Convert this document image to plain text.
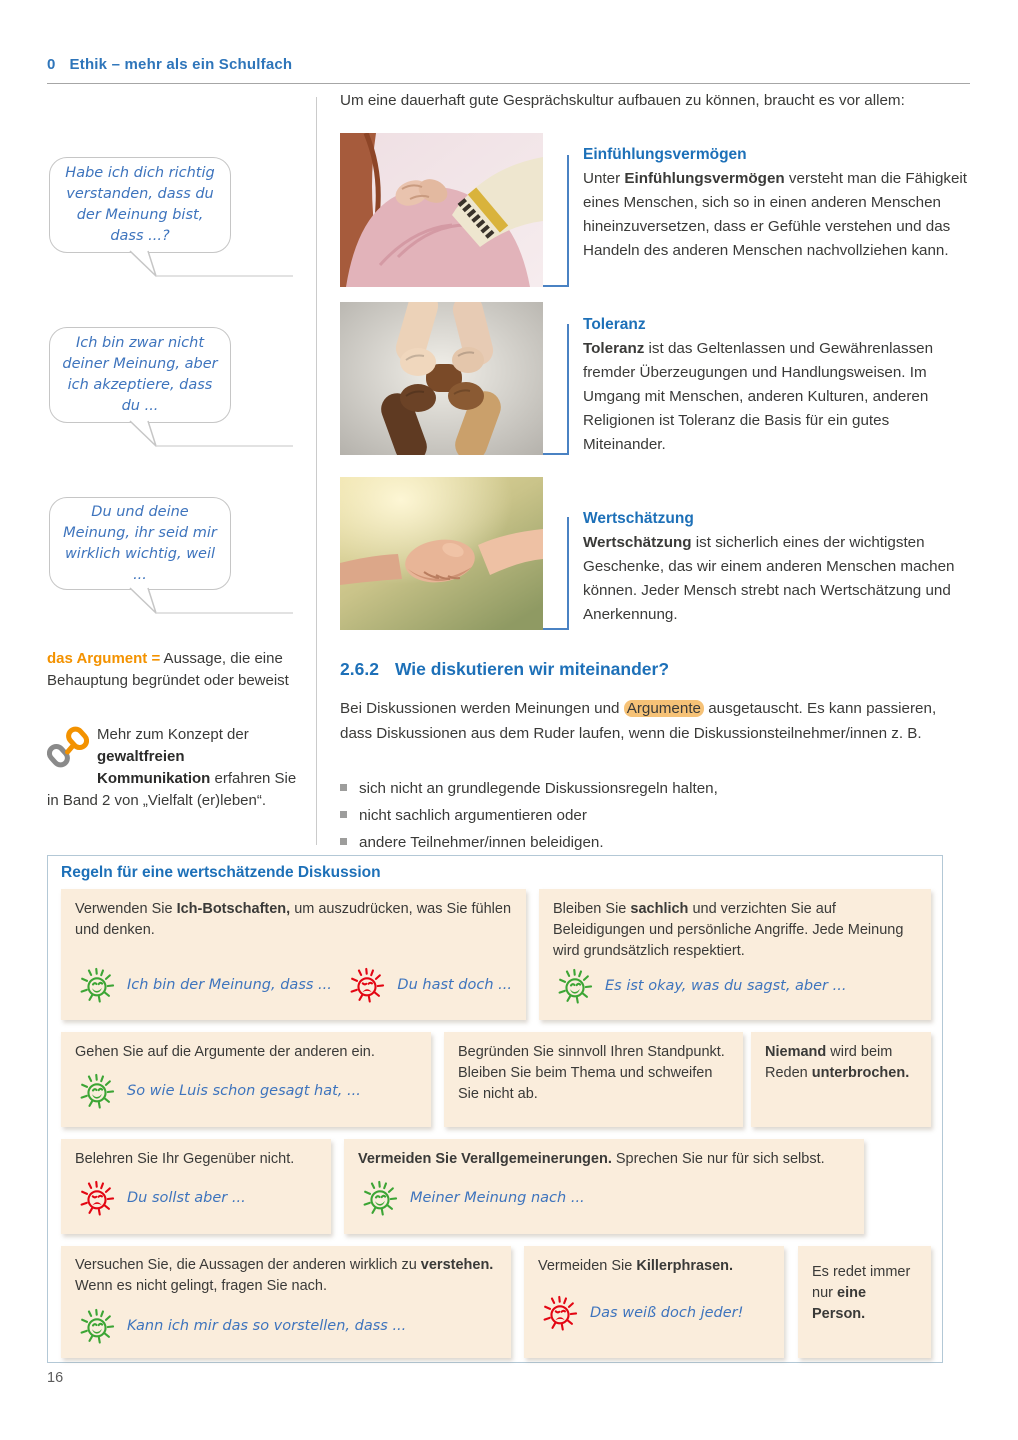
0 Ethik – mehr als ein Schulfach
Habe ich dich richtig verstanden, dass du der Meinung bist, dass ...?
Ich bin zwar nicht deiner Meinung, aber ich akzeptiere, dass du ...
Du und deine Meinung, ihr seid mir wirklich wichtig, weil ...

das Argument = Aussage, die eine Behauptung begründet oder beweist

Mehr zum Konzept der gewaltfreien Kommunikation erfahren Sie in Band 2 von „Vielfalt (er)leben“.

Um eine dauerhaft gute Gesprächskultur aufbauen zu können, braucht es vor allem:

Einfühlungsvermögen

Unter Einfühlungsvermögen versteht man die Fähigkeit eines Menschen, sich so in einen anderen Menschen hineinzuversetzen, dass er Gefühle verstehen und das Handeln des anderen Menschen nachvollziehen kann.

Toleranz

Toleranz ist das Geltenlassen und Gewährenlassen fremder Überzeugungen und Handlungsweisen. Im Umgang mit Menschen, anderen Kulturen, anderen Religionen ist Toleranz die Basis für ein gutes Miteinander.

Wertschätzung

Wertschätzung ist sicherlich eines der wichtigsten Geschenke, das wir einem anderen Menschen machen können. Jeder Mensch strebt nach Wertschätzung und Anerkennung.

2.6.2 Wie diskutieren wir miteinander?

Bei Diskussionen werden Meinungen und Argumente ausgetauscht. Es kann passieren, dass Diskussionen aus dem Ruder laufen, wenn die Diskussionsteilnehmer/innen z. B.

sich nicht an grundlegende Diskussionsregeln halten,
nicht sachlich argumentieren oder
andere Teilnehmer/innen beleidigen.
Regeln für eine wertschätzende Diskussion
Verwenden Sie Ich-Botschaften, um auszudrücken, was Sie fühlen und denken.
Ich bin der Meinung, dass ...	Du hast doch ...
Bleiben Sie sachlich und verzichten Sie auf Beleidigungen und persönliche Angriffe. Jede Meinung wird grundsätzlich respektiert.
Es ist okay, was du sagst, aber ...
Gehen Sie auf die Argumente der anderen ein.
So wie Luis schon gesagt hat, ...
Begründen Sie sinnvoll Ihren Standpunkt. Bleiben Sie beim Thema und schweifen Sie nicht ab.
Niemand wird beim Reden unterbrochen.
Belehren Sie Ihr Gegenüber nicht.
Du sollst aber ...
Vermeiden Sie Verallgemeinerungen. Sprechen Sie nur für sich selbst.
Meiner Meinung nach ...
Versuchen Sie, die Aussagen der anderen wirklich zu verstehen. Wenn es nicht gelingt, fragen Sie nach.
Kann ich mir das so vorstellen, dass ...
Vermeiden Sie Killerphrasen.
Das weiß doch jeder!
Es redet immer nur eine Person.
16
